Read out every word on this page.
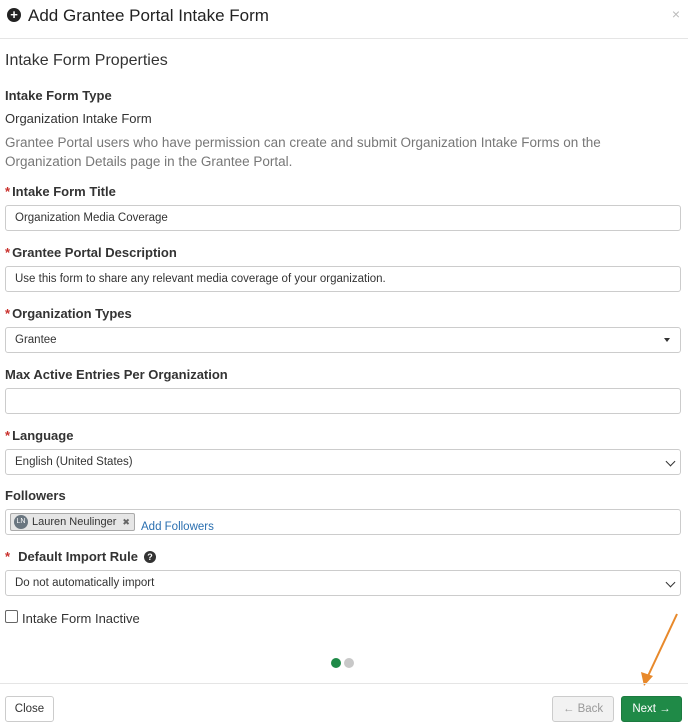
+ Add Grantee Portal Intake Form	×
Intake Form Properties
Intake Form Type
Organization Intake Form
Grantee Portal users who have permission can create and submit Organization Intake Forms on the Organization Details page in the Grantee Portal.
* Intake Form Title
Organization Media Coverage
* Grantee Portal Description
Use this form to share any relevant media coverage of your organization.
* Organization Types
Grantee
Max Active Entries Per Organization
* Language
English (United States)
Followers
LN Lauren Neulinger ✖ Add Followers
* Default Import Rule ?
Do not automatically import
Intake Form Inactive
Close	← Back	Next →
